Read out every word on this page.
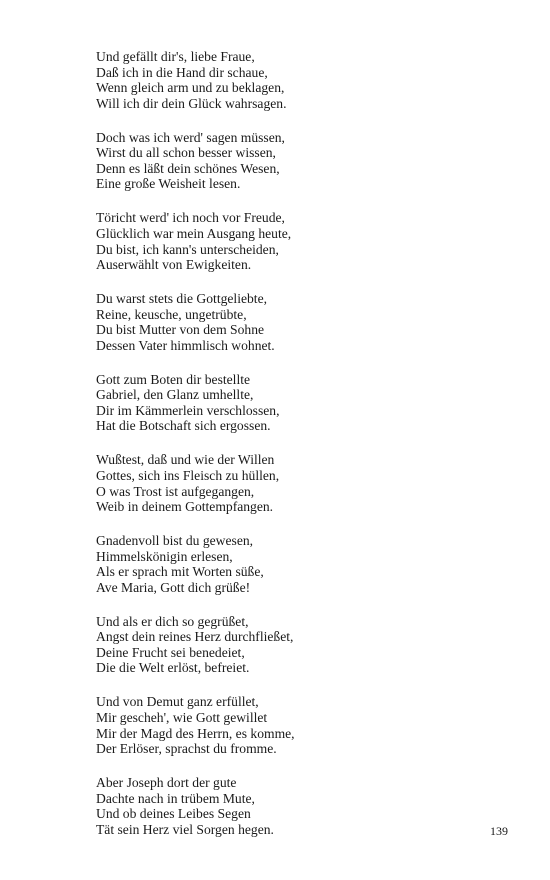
Und gefällt dir's, liebe Fraue,
Daß ich in die Hand dir schaue,
Wenn gleich arm und zu beklagen,
Will ich dir dein Glück wahrsagen.
Doch was ich werd' sagen müssen,
Wirst du all schon besser wissen,
Denn es läßt dein schönes Wesen,
Eine große Weisheit lesen.
Töricht werd' ich noch vor Freude,
Glücklich war mein Ausgang heute,
Du bist, ich kann's unterscheiden,
Auserwählt von Ewigkeiten.
Du warst stets die Gottgeliebte,
Reine, keusche, ungetrübte,
Du bist Mutter von dem Sohne
Dessen Vater himmlisch wohnet.
Gott zum Boten dir bestellte
Gabriel, den Glanz umhellte,
Dir im Kämmerlein verschlossen,
Hat die Botschaft sich ergossen.
Wußtest, daß und wie der Willen
Gottes, sich ins Fleisch zu hüllen,
O was Trost ist aufgegangen,
Weib in deinem Gottempfangen.
Gnadenvoll bist du gewesen,
Himmelskönigin erlesen,
Als er sprach mit Worten süße,
Ave Maria, Gott dich grüße!
Und als er dich so gegrüßet,
Angst dein reines Herz durchfließet,
Deine Frucht sei benedeiet,
Die die Welt erlöst, befreiet.
Und von Demut ganz erfüllet,
Mir gescheh', wie Gott gewillet
Mir der Magd des Herrn, es komme,
Der Erlöser, sprachst du fromme.
Aber Joseph dort der gute
Dachte nach in trübem Mute,
Und ob deines Leibes Segen
Tät sein Herz viel Sorgen hegen.	139
